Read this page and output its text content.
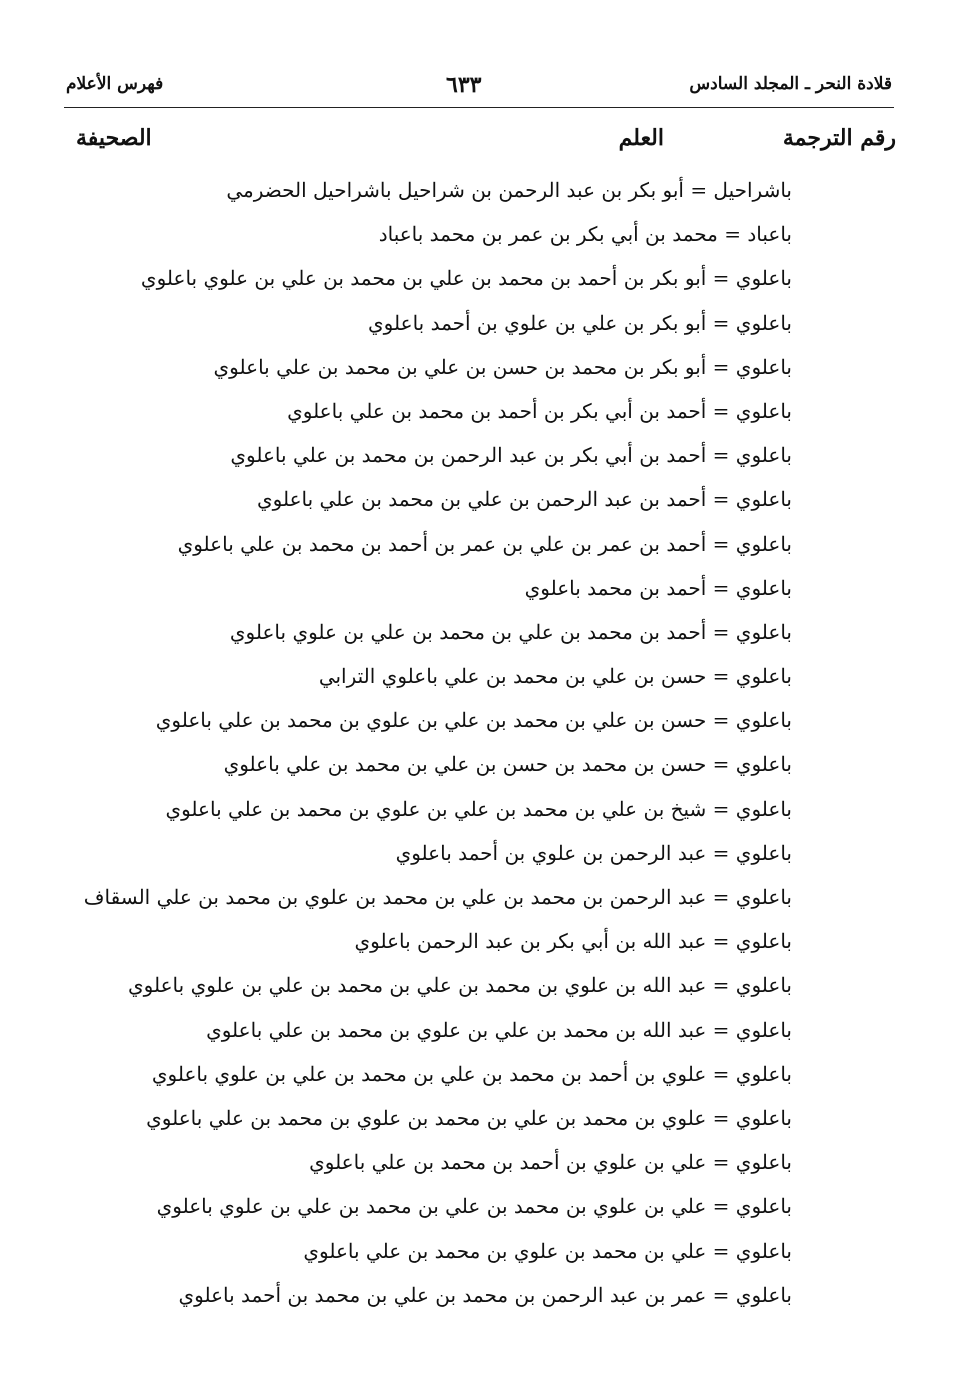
قلادة النحر ـ المجلد السادس
٦٣٣
فهرس الأعلام
رقم الترجمة
العلم
الصحيفة
باشراحيل = أبو بكر بن عبد الرحمن بن شراحيل باشراحيل الحضرمي
باعباد = محمد بن أبي بكر بن عمر بن محمد باعباد
باعلوي = أبو بكر بن أحمد بن محمد بن علي بن محمد بن علي بن علوي باعلوي
باعلوي = أبو بكر بن علي بن علوي بن أحمد باعلوي
باعلوي = أبو بكر بن محمد بن حسن بن علي بن محمد بن علي باعلوي
باعلوي = أحمد بن أبي بكر بن أحمد بن محمد بن علي باعلوي
باعلوي = أحمد بن أبي بكر بن عبد الرحمن بن محمد بن علي باعلوي
باعلوي = أحمد بن عبد الرحمن بن علي بن محمد بن علي باعلوي
باعلوي = أحمد بن عمر بن علي بن عمر بن أحمد بن محمد بن علي باعلوي
باعلوي = أحمد بن محمد باعلوي
باعلوي = أحمد بن محمد بن علي بن محمد بن علي بن علوي باعلوي
باعلوي = حسن بن علي بن محمد بن علي باعلوي الترابي
باعلوي = حسن بن علي بن محمد بن علي بن علوي بن محمد بن علي باعلوي
باعلوي = حسن بن محمد بن حسن بن علي بن محمد بن علي باعلوي
باعلوي = شيخ بن علي بن محمد بن علي بن علوي بن محمد بن علي باعلوي
باعلوي = عبد الرحمن بن علوي بن أحمد باعلوي
باعلوي = عبد الرحمن بن محمد بن علي بن محمد بن علوي بن محمد بن علي السقاف
باعلوي = عبد الله بن أبي بكر بن عبد الرحمن باعلوي
باعلوي = عبد الله بن علوي بن محمد بن علي بن محمد بن علي بن علوي باعلوي
باعلوي = عبد الله بن محمد بن علي بن علوي بن محمد بن علي باعلوي
باعلوي = علوي بن أحمد بن محمد بن علي بن محمد بن علي بن علوي باعلوي
باعلوي = علوي بن محمد بن علي بن محمد بن علوي بن محمد بن علي باعلوي
باعلوي = علي بن علوي بن أحمد بن محمد بن علي باعلوي
باعلوي = علي بن علوي بن محمد بن علي بن محمد بن علي بن علوي باعلوي
باعلوي = علي بن محمد بن علوي بن محمد بن علي باعلوي
باعلوي = عمر بن عبد الرحمن بن محمد بن علي بن محمد بن أحمد باعلوي
